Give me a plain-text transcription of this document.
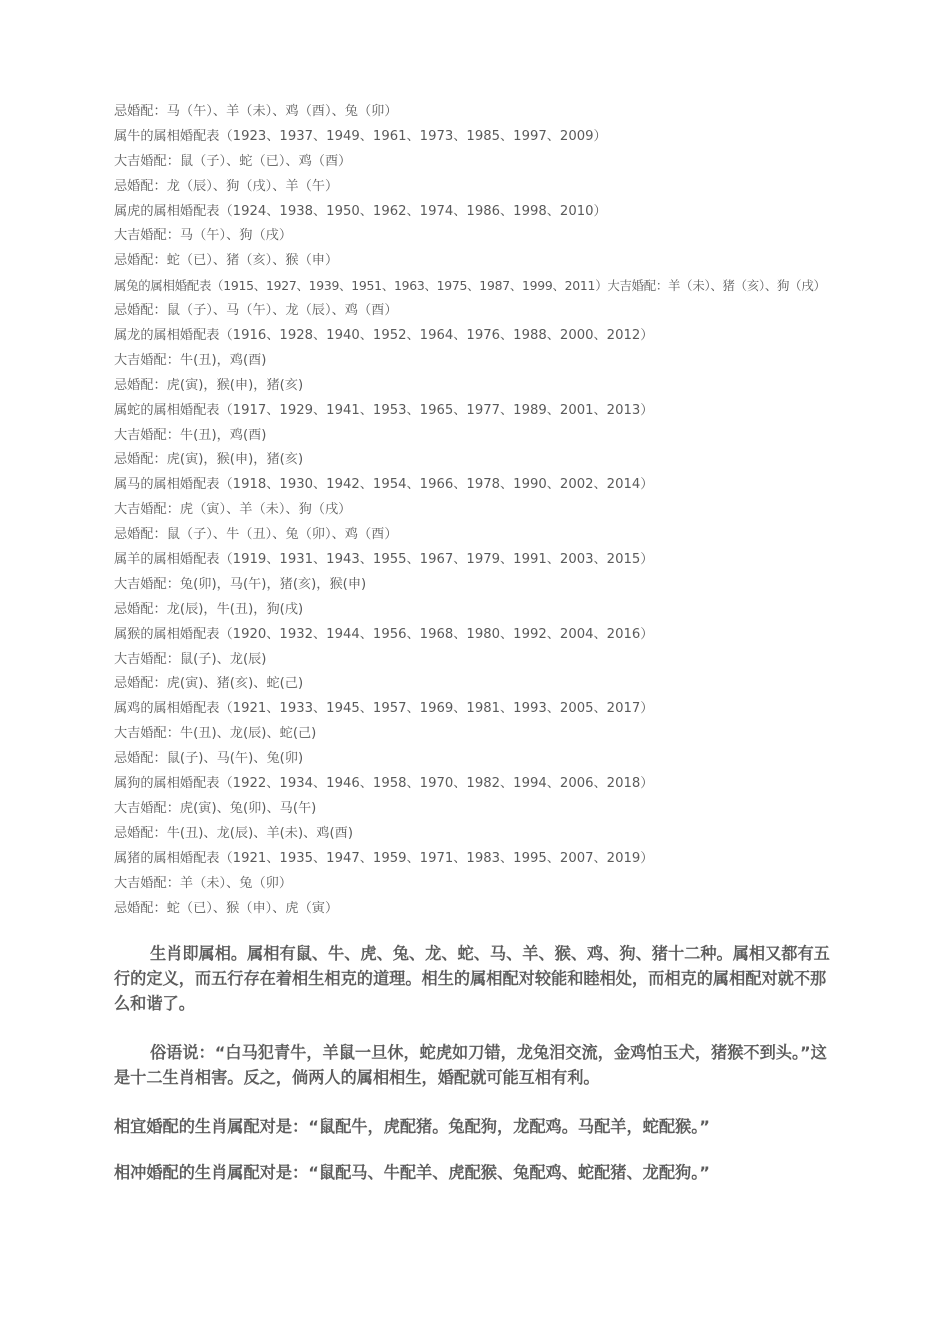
忌婚配：马（午）、羊（未）、鸡（酉）、兔（卯）
属牛的属相婚配表（1923、1937、1949、1961、1973、1985、1997、2009）
大吉婚配：鼠（子）、蛇（已）、鸡（酉）
忌婚配：龙（辰）、狗（戌）、羊（午）
属虎的属相婚配表（1924、1938、1950、1962、1974、1986、1998、2010）
大吉婚配：马（午）、狗（戌）
忌婚配：蛇（已）、猪（亥）、猴（申）
属兔的属相婚配表（1915、1927、1939、1951、1963、1975、1987、1999、2011）大吉婚配：羊（未）、猪（亥）、狗（戌）
忌婚配：鼠（子）、马（午）、龙（辰）、鸡（酉）
属龙的属相婚配表（1916、1928、1940、1952、1964、1976、1988、2000、2012）
大吉婚配：牛(丑)，鸡(酉)
忌婚配：虎(寅)，猴(申)，猪(亥)
属蛇的属相婚配表（1917、1929、1941、1953、1965、1977、1989、2001、2013）
大吉婚配：牛(丑)，鸡(酉)
忌婚配：虎(寅)，猴(申)，猪(亥)
属马的属相婚配表（1918、1930、1942、1954、1966、1978、1990、2002、2014）
大吉婚配：虎（寅）、羊（未）、狗（戌）
忌婚配：鼠（子）、牛（丑）、兔（卯）、鸡（酉）
属羊的属相婚配表（1919、1931、1943、1955、1967、1979、1991、2003、2015）
大吉婚配：兔(卯)，马(午)，猪(亥)，猴(申)
忌婚配：龙(辰)，牛(丑)，狗(戌)
属猴的属相婚配表（1920、1932、1944、1956、1968、1980、1992、2004、2016）
大吉婚配：鼠(子)、龙(辰)
忌婚配：虎(寅)、猪(亥)、蛇(己)
属鸡的属相婚配表（1921、1933、1945、1957、1969、1981、1993、2005、2017）
大吉婚配：牛(丑)、龙(辰)、蛇(己)
忌婚配：鼠(子)、马(午)、兔(卯)
属狗的属相婚配表（1922、1934、1946、1958、1970、1982、1994、2006、2018）
大吉婚配：虎(寅)、兔(卯)、马(午)
忌婚配：牛(丑)、龙(辰)、羊(未)、鸡(酉)
属猪的属相婚配表（1921、1935、1947、1959、1971、1983、1995、2007、2019）
大吉婚配：羊（未）、兔（卯）
忌婚配：蛇（已）、猴（申）、虎（寅）

生肖即属相。属相有鼠、牛、虎、兔、龙、蛇、马、羊、猴、鸡、狗、猪十二种。属相又都有五行的定义，而五行存在着相生相克的道理。相生的属相配对较能和睦相处，而相克的属相配对就不那么和谐了。

俗语说：“白马犯青牛，羊鼠一旦休，蛇虎如刀错，龙兔泪交流，金鸡怕玉犬，猪猴不到头。”这是十二生肖相害。反之，倘两人的属相相生，婚配就可能互相有利。

相宜婚配的生肖属配对是：“鼠配牛，虎配猪。兔配狗，龙配鸡。马配羊，蛇配猴。”

相冲婚配的生肖属配对是：“鼠配马、牛配羊、虎配猴、兔配鸡、蛇配猪、龙配狗。”
